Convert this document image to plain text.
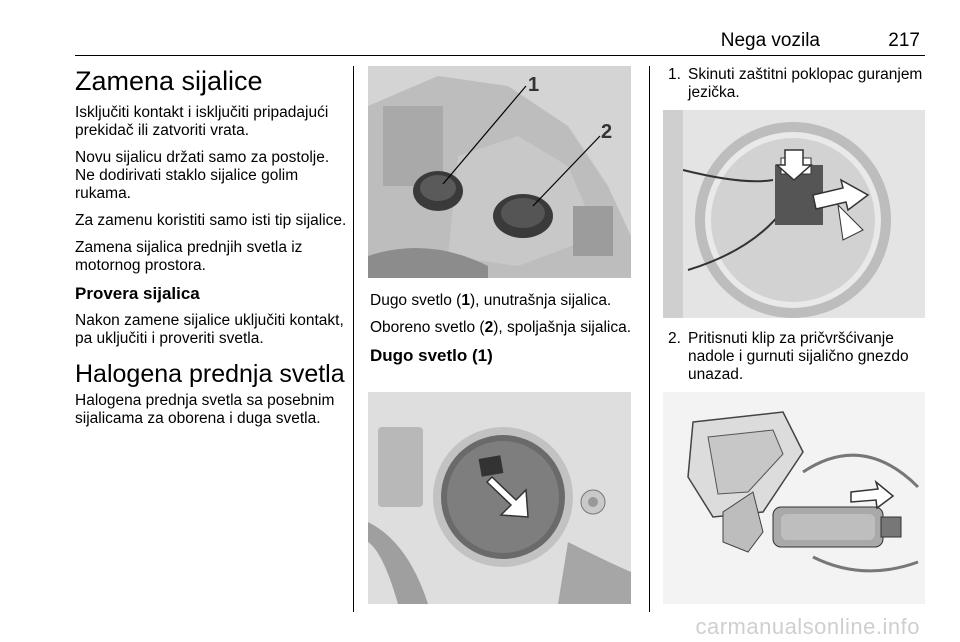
Nega vozila	217
Zamena sijalice

Isključiti kontakt i isključiti pripadajući prekidač ili zatvoriti vrata.

Novu sijalicu držati samo za postolje. Ne dodirivati staklo sijalice golim rukama.

Za zamenu koristiti samo isti tip sijalice.

Zamena sijalica prednjih svetla iz motornog prostora.

Provera sijalica

Nakon zamene sijalice uključiti kontakt, pa uključiti i proveriti svetla.

Halogena prednja svetla

Halogena prednja svetla sa posebnim sijalicama za oborena i duga svetla.

1
2

Dugo svetlo (1), unutrašnja sijalica.

Oboreno svetlo (2), spoljašnja sijalica.

Dugo svetlo (1)
1. Skinuti zaštitni poklopac guranjem jezička.
2. Pritisnuti klip za pričvršćivanje nadole i gurnuti sijalično gnezdo unazad.
carmanualsonline.info
